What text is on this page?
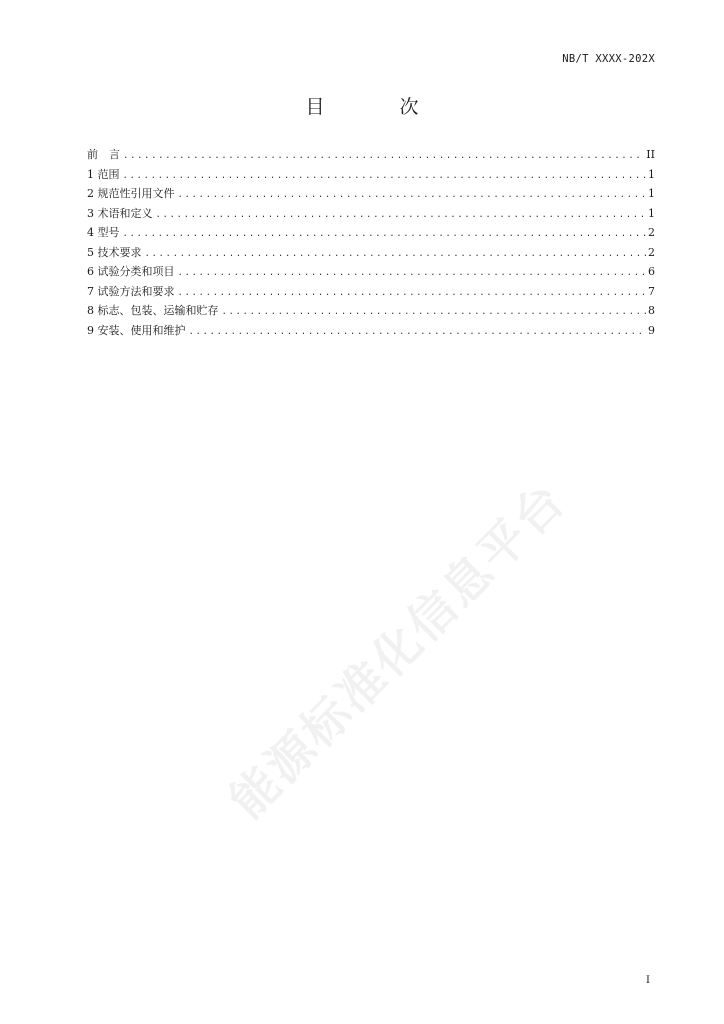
NB/T XXXX-202X
目　次
前　言 .....	II
1 范围 .....	1
2 规范性引用文件 .....	1
3 术语和定义 .....	1
4 型号 .....	2
5 技术要求 .....	2
6 试验分类和项目 .....	6
7 试验方法和要求 .....	7
8 标志、包装、运输和贮存 .....	8
9 安装、使用和维护 .....	9
能源标准化信息平台
I
